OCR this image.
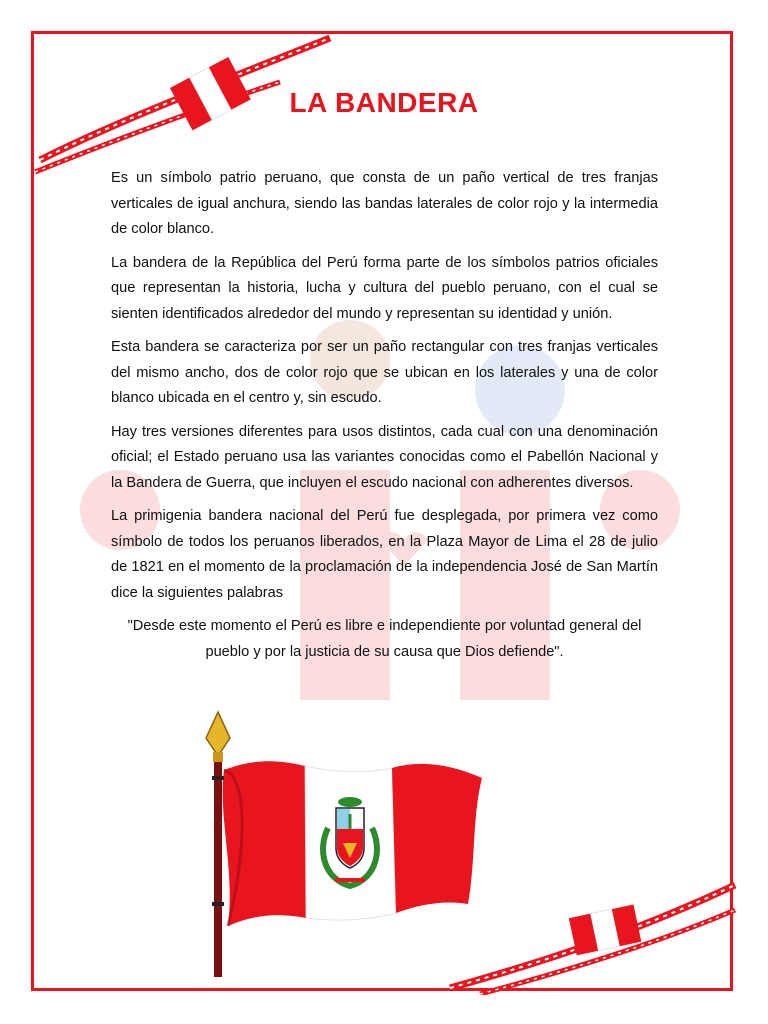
LA BANDERA

Es un símbolo patrio peruano, que consta de un paño vertical de tres franjas verticales de igual anchura, siendo las bandas laterales de color rojo y la intermedia de color blanco.

La bandera de la República del Perú forma parte de los símbolos patrios oficiales que representan la historia, lucha y cultura del pueblo peruano, con el cual se sienten identificados alrededor del mundo y representan su identidad y unión.

Esta bandera se caracteriza por ser un paño rectangular con tres franjas verticales del mismo ancho, dos de color rojo que se ubican en los laterales y una de color blanco ubicada en el centro y, sin escudo.

Hay tres versiones diferentes para usos distintos, cada cual con una denominación oficial; el Estado peruano usa las variantes conocidas como el Pabellón Nacional y la Bandera de Guerra, que incluyen el escudo nacional con adherentes diversos.

La primigenia bandera nacional del Perú fue desplegada, por primera vez como símbolo de todos los peruanos liberados, en la Plaza Mayor de Lima el 28 de julio de 1821 en el momento de la proclamación de la independencia José de San Martín dice la siguientes palabras

"Desde este momento el Perú es libre e independiente por voluntad general del pueblo y por la justicia de su causa que Dios defiende".
